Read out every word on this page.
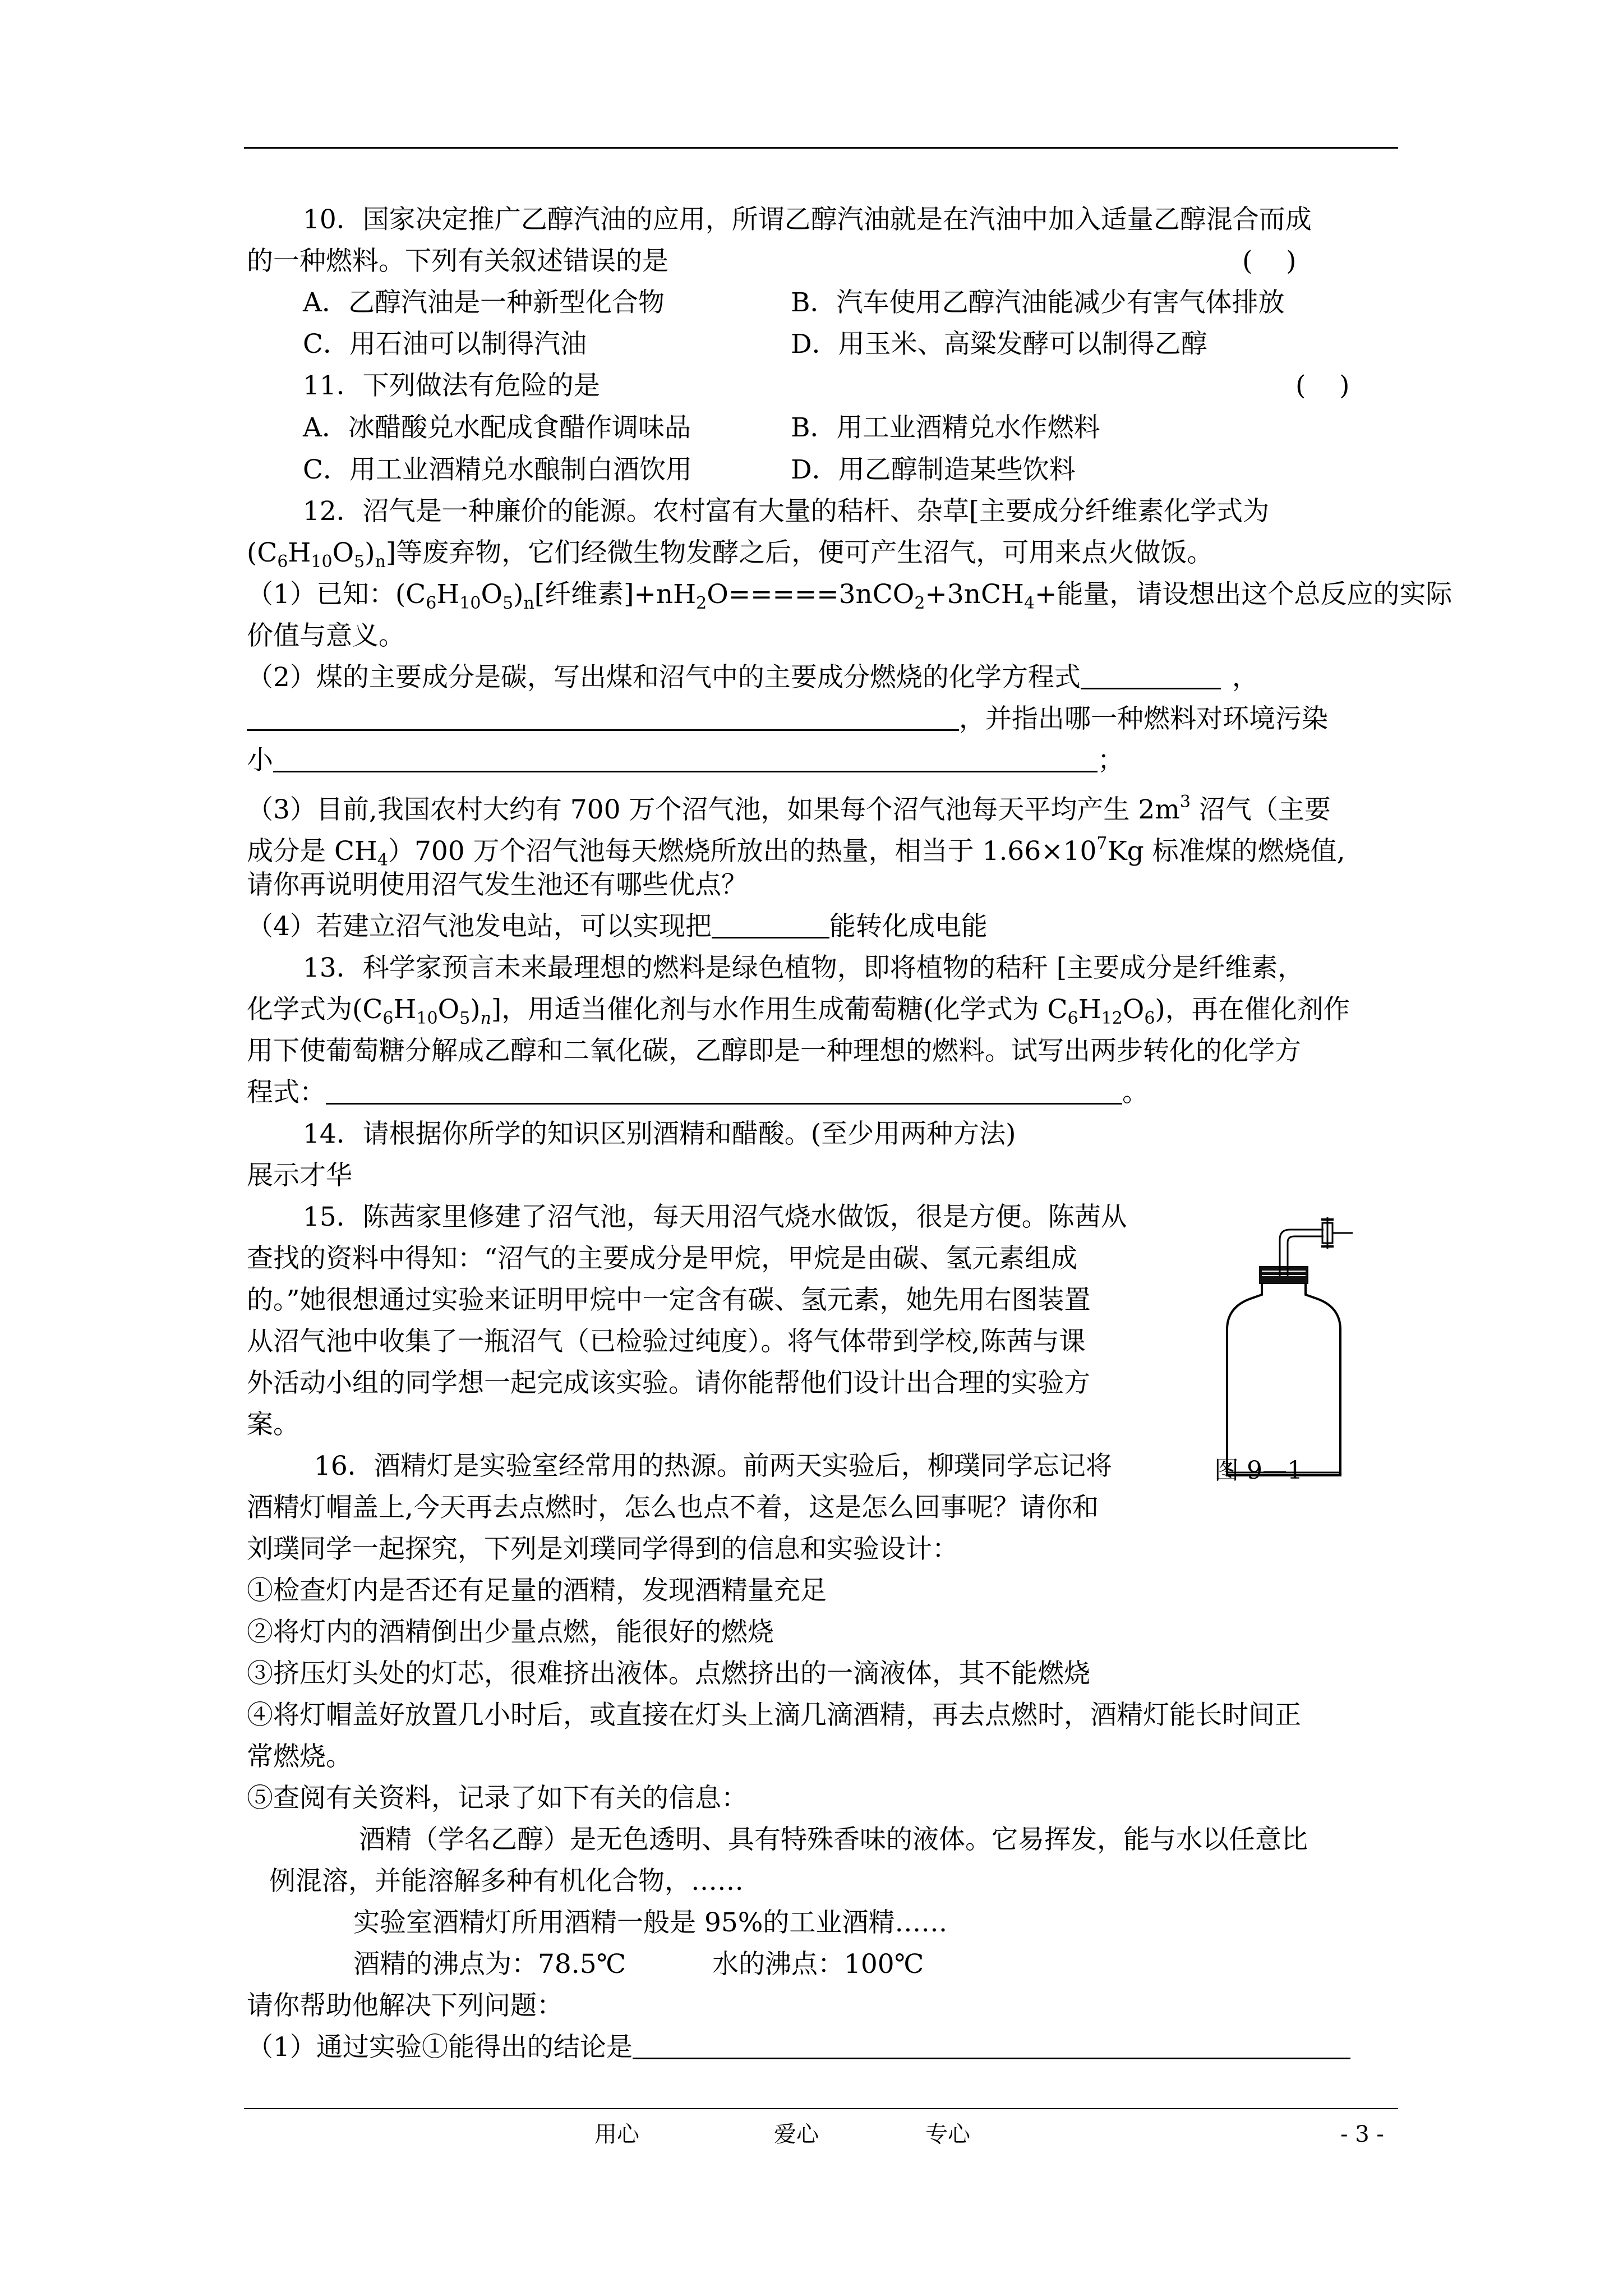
10．国家决定推广乙醇汽油的应用，所谓乙醇汽油就是在汽油中加入适量乙醇混合而成
的一种燃料。下列有关叙述错误的是	(    )
A．乙醇汽油是一种新型化合物	B．汽车使用乙醇汽油能减少有害气体排放
C．用石油可以制得汽油	D．用玉米、高粱发酵可以制得乙醇
11．下列做法有危险的是	(    )
A．冰醋酸兑水配成食醋作调味品	B．用工业酒精兑水作燃料
C．用工业酒精兑水酿制白酒饮用	D．用乙醇制造某些饮料
12．沼气是一种廉价的能源。农村富有大量的秸杆、杂草[主要成分纤维素化学式为
$(C_6H_{10}O_5)_n$]等废弃物，它们经微生物发酵之后，便可产生沼气，可用来点火做饭。
（1）已知：$(C_6H_{10}O_5)_n$[纤维素]$+nH_2O=====3nCO_2+3nCH_4+$能量，请设想出这个总反应的实际
价值与意义。
（2）煤的主要成分是碳，写出煤和沼气中的主要成分燃烧的化学方程式	，
，并指出哪一种燃料对环境污染
小	；
（3）目前,我国农村大约有 700 万个沼气池，如果每个沼气池每天平均产生 $2m^3$ 沼气（主要
成分是 $CH_4)700$ 万个沼气池每天燃烧所放出的热量，相当于 $1.66\times 10^7Kg$ 标准煤的燃烧值,
请你再说明使用沼气发生池还有哪些优点？
（4）若建立沼气池发电站，可以实现把	能转化成电能
13．科学家预言未来最理想的燃料是绿色植物，即将植物的秸秆 [主要成分是纤维素，
化学式为$(C_6H_{10}O_5)_n$]，用适当催化剂与水作用生成葡萄糖(化学式为 $C_6H_{12}O_6$)，再在催化剂作
用下使葡萄糖分解成乙醇和二氧化碳，乙醇即是一种理想的燃料。试写出两步转化的化学方
程式：	。
14．请根据你所学的知识区别酒精和醋酸。(至少用两种方法)
展示才华
15．陈茜家里修建了沼气池，每天用沼气烧水做饭，很是方便。陈茜从
查找的资料中得知：“沼气的主要成分是甲烷，甲烷是由碳、氢元素组成
的。”她很想通过实验来证明甲烷中一定含有碳、氢元素，她先用右图装置
从沼气池中收集了一瓶沼气（已检验过纯度）。将气体带到学校,陈茜与课
外活动小组的同学想一起完成该实验。请你能帮他们设计出合理的实验方
案。
图 9—1
16．酒精灯是实验室经常用的热源。前两天实验后，柳璞同学忘记将
酒精灯帽盖上,今天再去点燃时，怎么也点不着，这是怎么回事呢？请你和
刘璞同学一起探究，下列是刘璞同学得到的信息和实验设计：
①检查灯内是否还有足量的酒精，发现酒精量充足
②将灯内的酒精倒出少量点燃，能很好的燃烧
③挤压灯头处的灯芯，很难挤出液体。点燃挤出的一滴液体，其不能燃烧
④将灯帽盖好放置几小时后，或直接在灯头上滴几滴酒精，再去点燃时，酒精灯能长时间正
常燃烧。
⑤查阅有关资料，记录了如下有关的信息：
酒精（学名乙醇）是无色透明、具有特殊香味的液体。它易挥发，能与水以任意比
例混溶，并能溶解多种有机化合物，……
实验室酒精灯所用酒精一般是 95%的工业酒精……
酒精的沸点为：78.5℃	水的沸点：100℃
请你帮助他解决下列问题：
（1）通过实验①能得出的结论是
用心	爱心	专心	- 3 -
